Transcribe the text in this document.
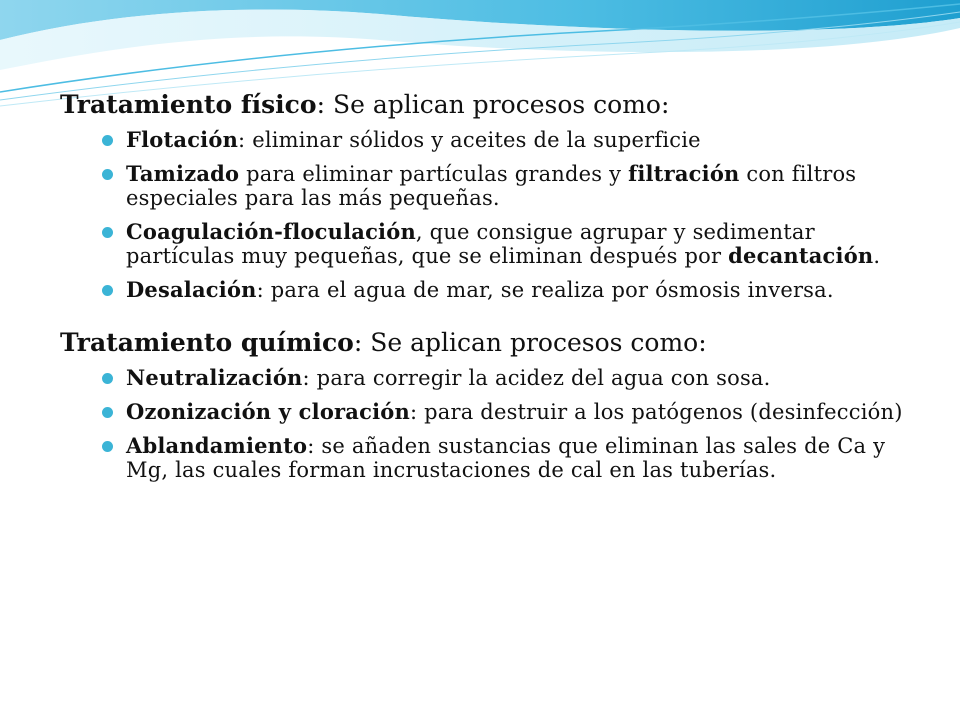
Tratamiento físico: Se aplican procesos como:

Flotación: eliminar sólidos y aceites de la superficie
Tamizado para eliminar partículas grandes y filtración con filtros especiales para las más pequeñas.
Coagulación-floculación, que consigue agrupar y sedimentar partículas muy pequeñas, que se eliminan después por decantación.
Desalación: para el agua de mar, se realiza por ósmosis inversa.

Tratamiento químico: Se aplican procesos como:

Neutralización: para corregir la acidez del agua con sosa.
Ozonización y cloración: para destruir a los patógenos (desinfección)
Ablandamiento: se añaden sustancias que eliminan las sales de Ca y Mg, las cuales forman incrustaciones de cal en las tuberías.
